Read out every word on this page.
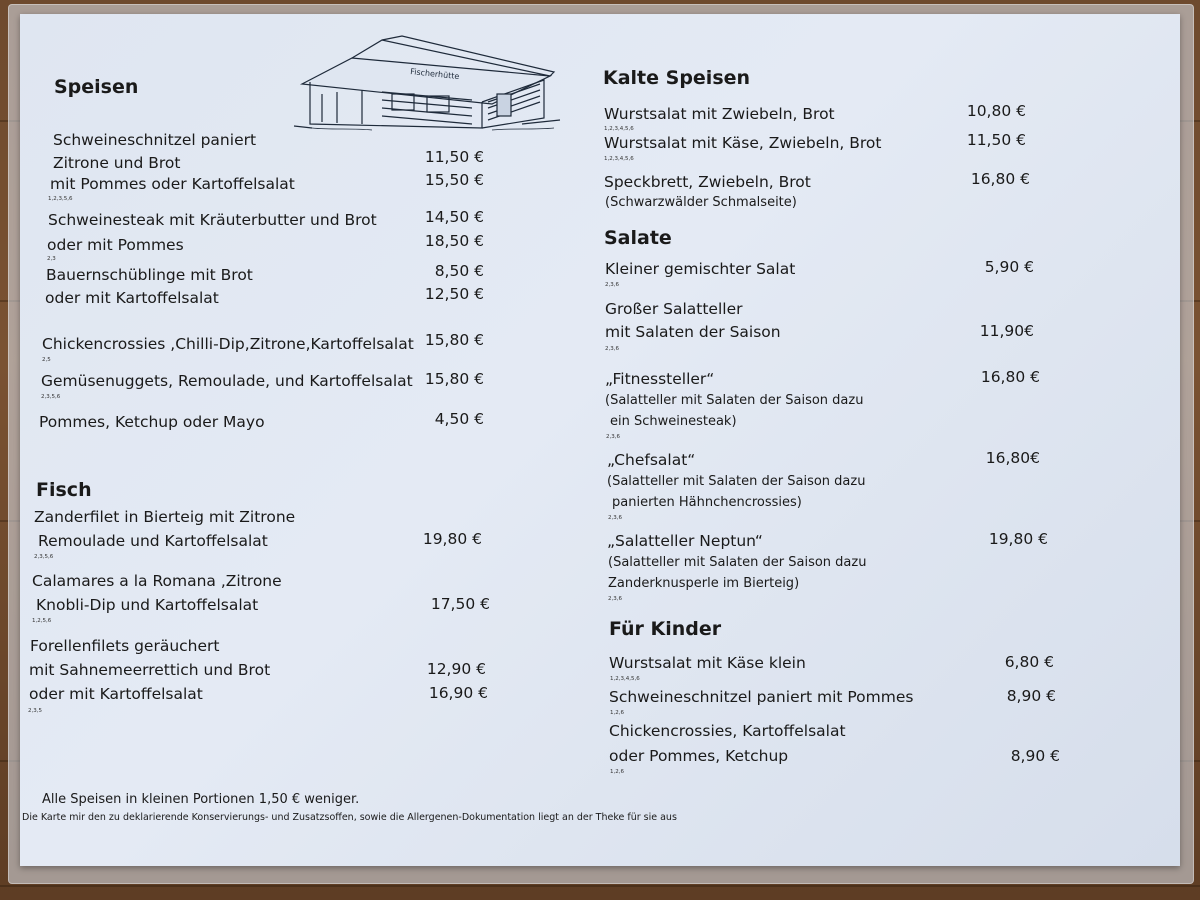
Speisen
Fischerhütte
Schweineschnitzel paniert
Zitrone und Brot	11,50 €
mit Pommes oder Kartoffelsalat	15,50 €
1,2,3,5,6
Schweinesteak mit Kräuterbutter und Brot	14,50 €
oder mit Pommes	18,50 €
2,3
Bauernschüblinge mit Brot	8,50 €
oder mit Kartoffelsalat	12,50 €
Chickencrossies ,Chilli-Dip,Zitrone,Kartoffelsalat 15,80 €
2,5
Gemüsenuggets, Remoulade, und Kartoffelsalat 15,80 €
2,3,5,6
Pommes, Ketchup oder Mayo	4,50 €
Fisch
Zanderfilet in Bierteig mit Zitrone
Remoulade und Kartoffelsalat	19,80 €
2,3,5,6
Calamares a la Romana ,Zitrone
Knobli-Dip und Kartoffelsalat	17,50 €
1,2,5,6
Forellenfilets geräuchert
mit Sahnemeerrettich und Brot	12,90 €
oder mit Kartoffelsalat	16,90 €
2,3,5
Kalte Speisen
Wurstsalat mit Zwiebeln, Brot	10,80 €
1,2,3,4,5,6
Wurstsalat mit Käse, Zwiebeln, Brot	11,50 €
1,2,3,4,5,6
Speckbrett, Zwiebeln, Brot	16,80 €
(Schwarzwälder Schmalseite)
Salate
Kleiner gemischter Salat	5,90 €
2,3,6
Großer Salatteller
mit Salaten der Saison	11,90€
2,3,6
„Fitnessteller“	16,80 €
(Salatteller mit Salaten der Saison dazu
ein Schweinesteak)
2,3,6
„Chefsalat“	16,80€
(Salatteller mit Salaten der Saison dazu
panierten Hähnchencrossies)
2,3,6
„Salatteller Neptun“	19,80 €
(Salatteller mit Salaten der Saison dazu
Zanderknusperle im Bierteig)
2,3,6
Für Kinder
Wurstsalat mit Käse klein	6,80 €
1,2,3,4,5,6
Schweineschnitzel paniert mit Pommes	8,90 €
1,2,6
Chickencrossies, Kartoffelsalat
oder Pommes, Ketchup	8,90 €
1,2,6
Alle Speisen in kleinen Portionen 1,50 € weniger.
Die Karte mir den zu deklarierende Konservierungs- und Zusatzsoffen, sowie die Allergenen-Dokumentation liegt an der Theke für sie aus
